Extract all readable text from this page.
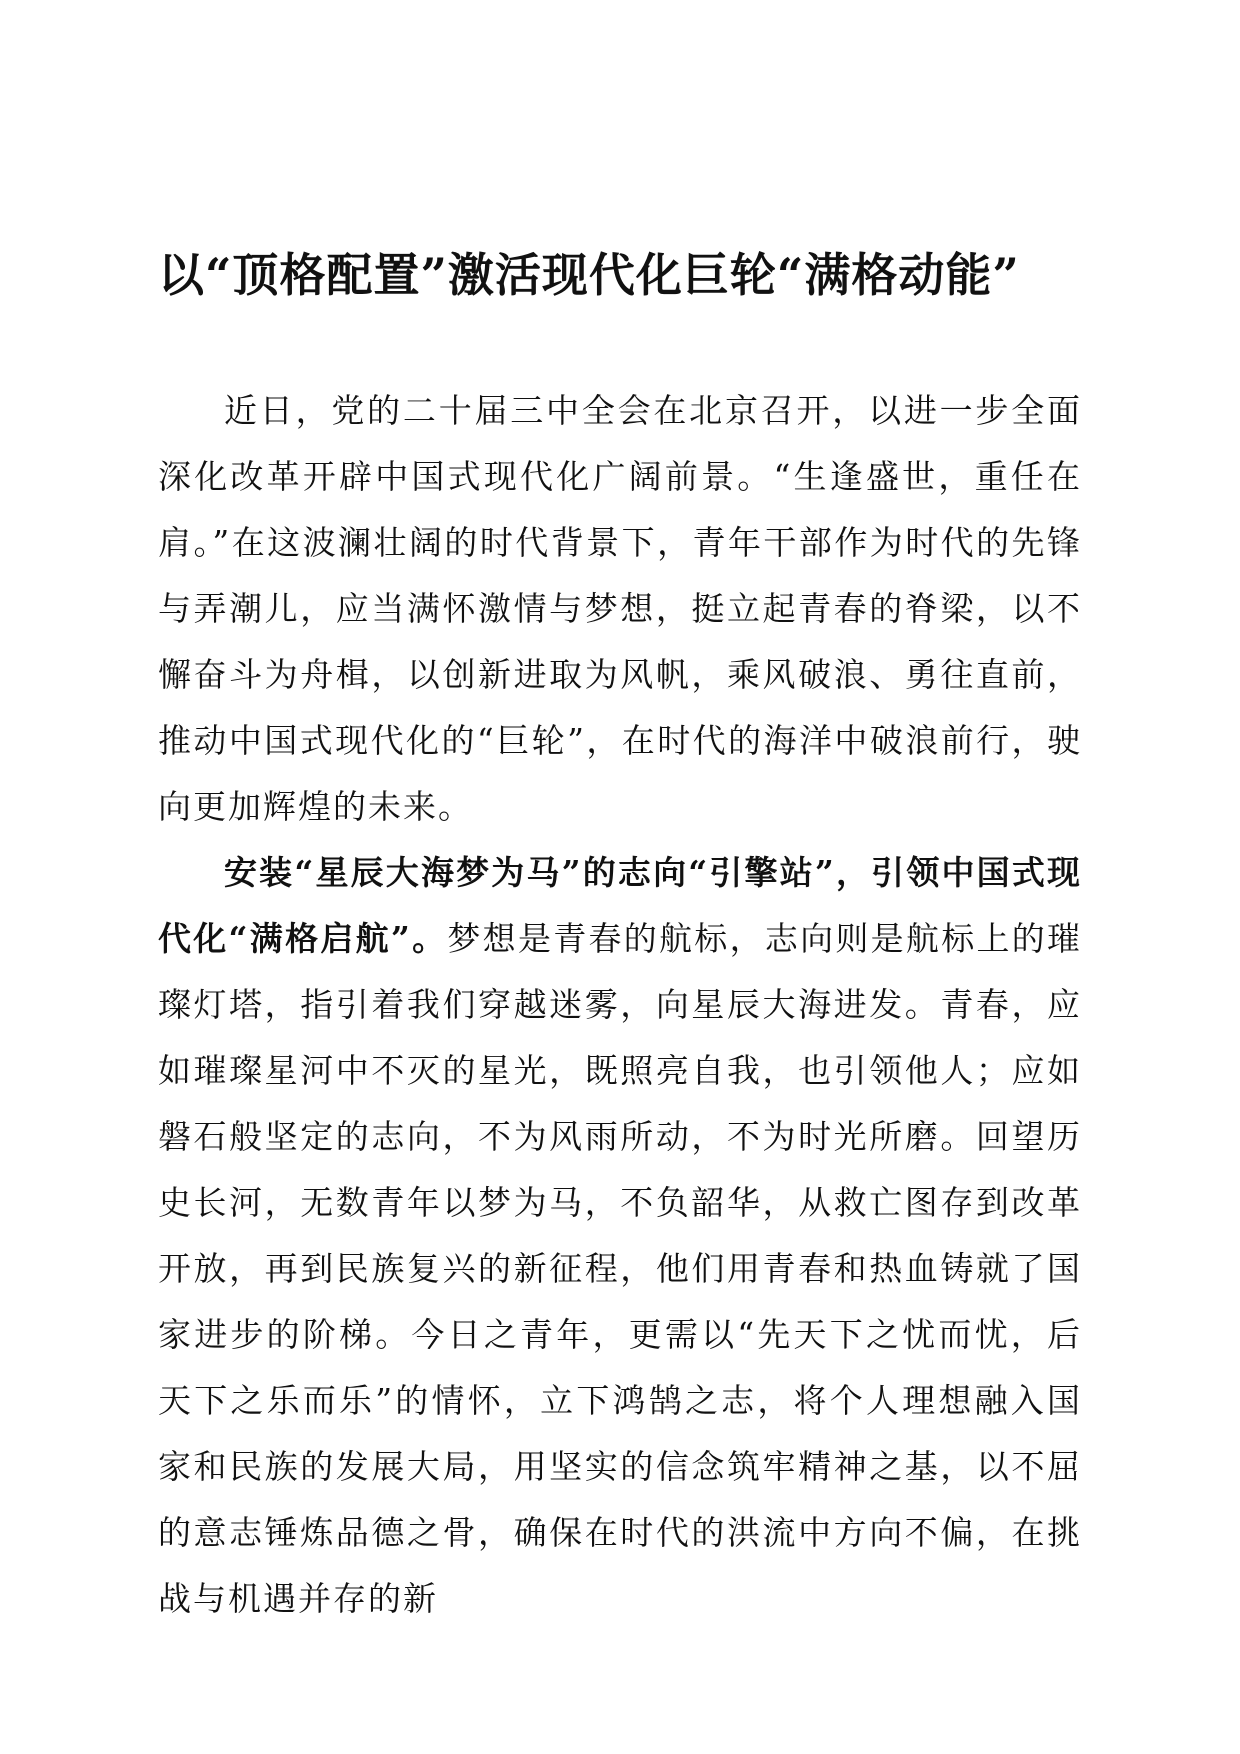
以“顶格配置”激活现代化巨轮“满格动能”

近日，党的二十届三中全会在北京召开，以进一步全面深化改革开辟中国式现代化广阔前景。“生逢盛世，重任在肩。”在这波澜壮阔的时代背景下，青年干部作为时代的先锋与弄潮儿，应当满怀激情与梦想，挺立起青春的脊梁，以不懈奋斗为舟楫，以创新进取为风帆，乘风破浪、勇往直前，推动中国式现代化的“巨轮”，在时代的海洋中破浪前行，驶向更加辉煌的未来。

安装“星辰大海梦为马”的志向“引擎站”，引领中国式现代化“满格启航”。梦想是青春的航标，志向则是航标上的璀璨灯塔，指引着我们穿越迷雾，向星辰大海进发。青春，应如璀璨星河中不灭的星光，既照亮自我，也引领他人；应如磐石般坚定的志向，不为风雨所动，不为时光所磨。回望历史长河，无数青年以梦为马，不负韶华，从救亡图存到改革开放，再到民族复兴的新征程，他们用青春和热血铸就了国家进步的阶梯。今日之青年，更需以“先天下之忧而忧，后天下之乐而乐”的情怀，立下鸿鹄之志，将个人理想融入国家和民族的发展大局，用坚实的信念筑牢精神之基，以不屈的意志锤炼品德之骨，确保在时代的洪流中方向不偏，在挑战与机遇并存的新
